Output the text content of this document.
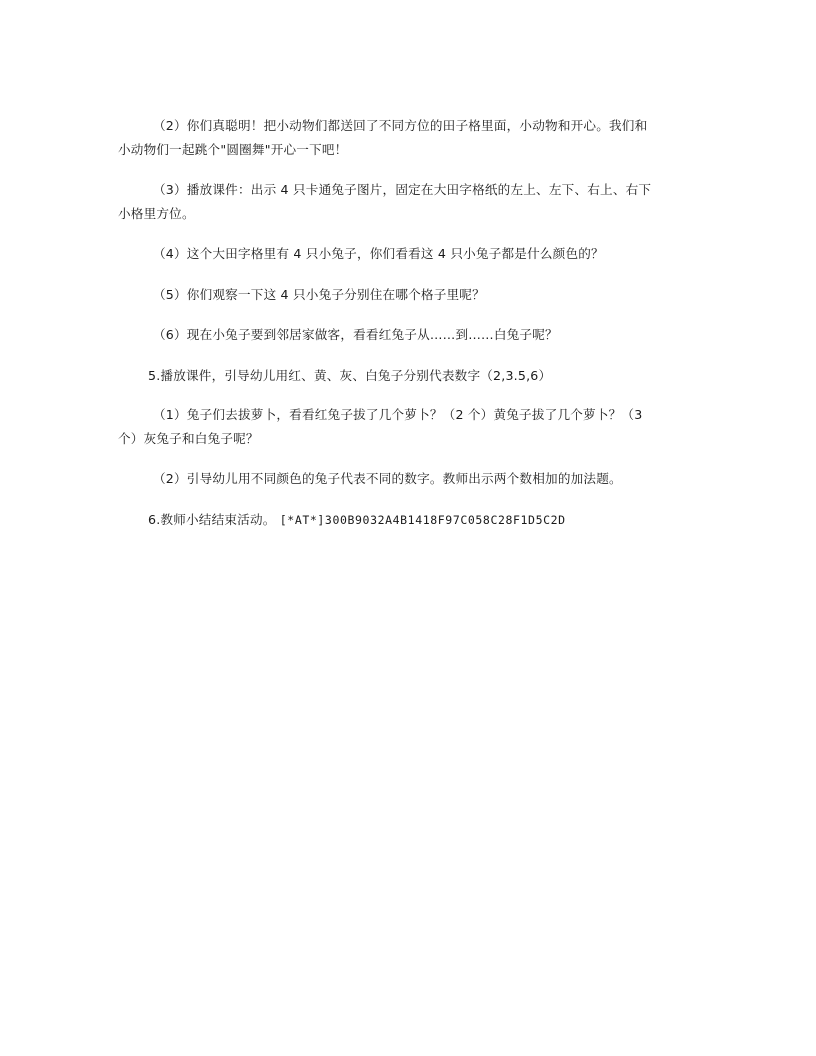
（2）你们真聪明！把小动物们都送回了不同方位的田子格里面，小动物和开心。我们和
小动物们一起跳个"圆圈舞"开心一下吧！

（3）播放课件：出示 4 只卡通兔子图片，固定在大田字格纸的左上、左下、右上、右下
小格里方位。

（4）这个大田字格里有 4 只小兔子，你们看看这 4 只小兔子都是什么颜色的？

（5）你们观察一下这 4 只小兔子分别住在哪个格子里呢？

（6）现在小兔子要到邻居家做客，看看红兔子从……到……白兔子呢？

5.播放课件，引导幼儿用红、黄、灰、白兔子分别代表数字（2,3.5,6）

（1）兔子们去拔萝卜，看看红兔子拔了几个萝卜？（2 个）黄兔子拔了几个萝卜？（3
个）灰兔子和白兔子呢？

（2）引导幼儿用不同颜色的兔子代表不同的数字。教师出示两个数相加的加法题。

6.教师小结结束活动。 [*AT*]300B9032A4B1418F97C058C28F1D5C2D
